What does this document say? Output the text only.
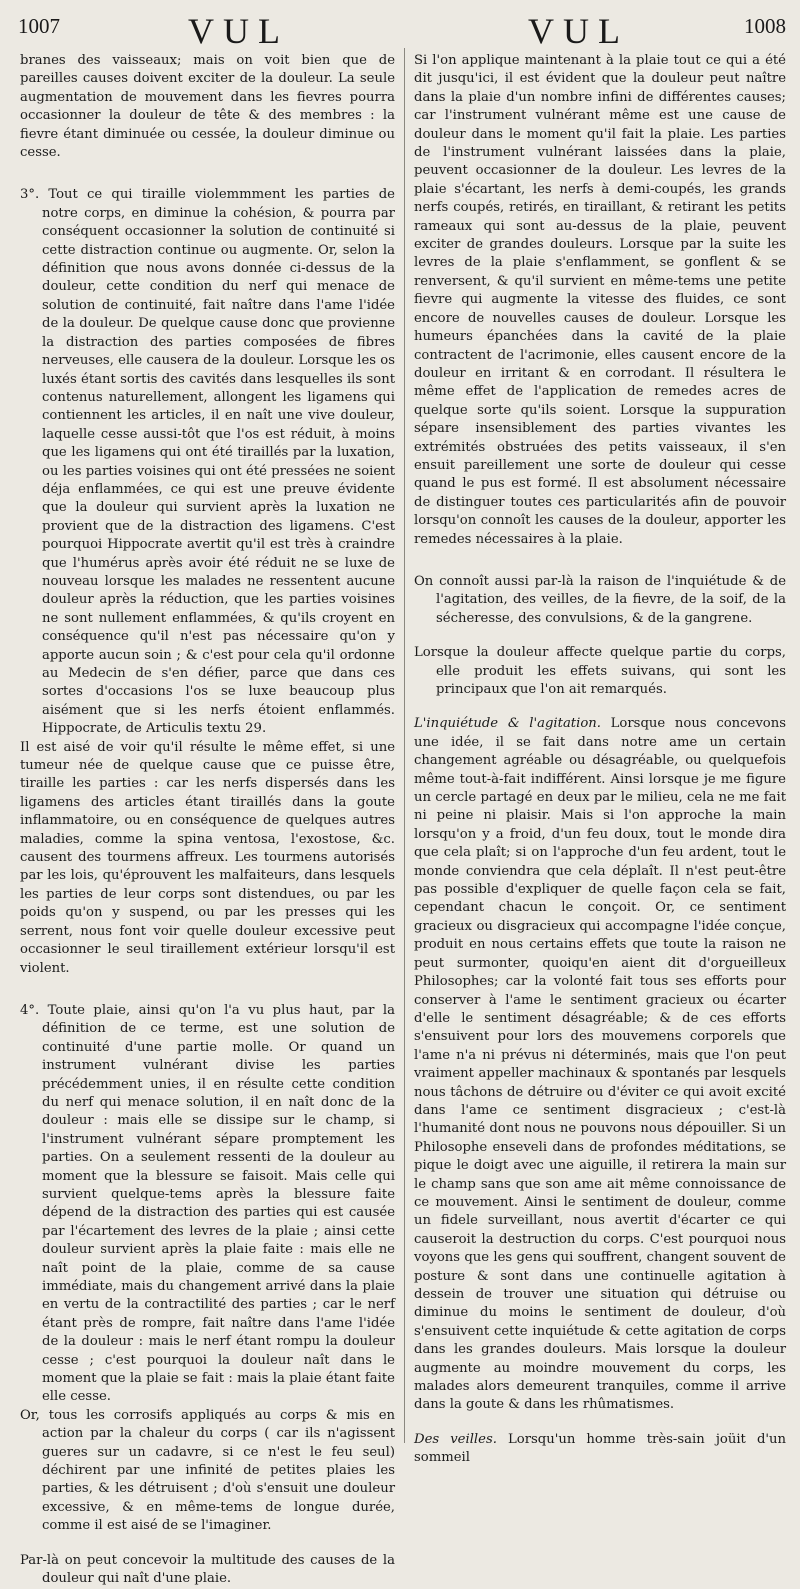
1007	VUL	VUL	1008

branes des vaisseaux; mais on voit bien que de pareilles causes doivent exciter de la douleur. La seule augmentation de mouvement dans les fievres pourra occasionner la douleur de tête & des membres : la fievre étant diminuée ou cessée, la douleur diminue ou cesse.

3°. Tout ce qui tiraille violemmment les parties de notre corps, en diminue la cohésion, & pourra par conséquent occasionner la solution de continuité si cette distraction continue ou augmente. Or, selon la définition que nous avons donnée ci-dessus de la douleur, cette condition du nerf qui menace de solution de continuité, fait naître dans l'ame l'idée de la douleur. De quelque cause donc que provienne la distraction des parties composées de fibres nerveuses, elle causera de la douleur. Lorsque les os luxés étant sortis des cavités dans lesquelles ils sont contenus naturellement, allongent les ligamens qui contiennent les articles, il en naît une vive douleur, laquelle cesse aussi-tôt que l'os est réduit, à moins que les ligamens qui ont été tiraillés par la luxation, ou les parties voisines qui ont été pressées ne soient déja enflammées, ce qui est une preuve évidente que la douleur qui survient après la luxation ne provient que de la distraction des ligamens. C'est pourquoi Hippocrate avertit qu'il est très à craindre que l'humérus après avoir été réduit ne se luxe de nouveau lorsque les malades ne ressentent aucune douleur après la réduction, que les parties voisines ne sont nullement enflammées, & qu'ils croyent en conséquence qu'il n'est pas nécessaire qu'on y apporte aucun soin ; & c'est pour cela qu'il ordonne au Medecin de s'en défier, parce que dans ces sortes d'occasions l'os se luxe beaucoup plus aisément que si les nerfs étoient enflammés. Hippocrate, de Articulis textu 29.

Il est aisé de voir qu'il résulte le même effet, si une tumeur née de quelque cause que ce puisse être, tiraille les parties : car les nerfs dispersés dans les ligamens des articles étant tiraillés dans la goute inflammatoire, ou en conséquence de quelques autres maladies, comme la spina ventosa, l'exostose, &c. causent des tourmens affreux. Les tourmens autorisés par les lois, qu'éprouvent les malfaiteurs, dans lesquels les parties de leur corps sont distendues, ou par les poids qu'on y suspend, ou par les presses qui les serrent, nous font voir quelle douleur excessive peut occasionner le seul tiraillement extérieur lorsqu'il est violent.

4°. Toute plaie, ainsi qu'on l'a vu plus haut, par la définition de ce terme, est une solution de continuité d'une partie molle. Or quand un instrument vulnérant divise les parties précédemment unies, il en résulte cette condition du nerf qui menace solution, il en naît donc de la douleur : mais elle se dissipe sur le champ, si l'instrument vulnérant sépare promptement les parties. On a seulement ressenti de la douleur au moment que la blessure se faisoit. Mais celle qui survient quelque-tems après la blessure faite dépend de la distraction des parties qui est causée par l'écartement des levres de la plaie ; ainsi cette douleur survient après la plaie faite : mais elle ne naît point de la plaie, comme de sa cause immédiate, mais du changement arrivé dans la plaie en vertu de la contractilité des parties ; car le nerf étant près de rompre, fait naître dans l'ame l'idée de la douleur : mais le nerf étant rompu la douleur cesse ; c'est pourquoi la douleur naît dans le moment que la plaie se fait : mais la plaie étant faite elle cesse.

Or, tous les corrosifs appliqués au corps & mis en action par la chaleur du corps ( car ils n'agissent gueres sur un cadavre, si ce n'est le feu seul) déchirent par une infinité de petites plaies les parties, & les détruisent ; d'où s'ensuit une douleur excessive, & en même-tems de longue durée, comme il est aisé de se l'imaginer.

Par-là on peut concevoir la multitude des causes de la douleur qui naît d'une plaie.

Si l'on applique maintenant à la plaie tout ce qui a été dit jusqu'ici, il est évident que la douleur peut naître dans la plaie d'un nombre infini de différentes causes; car l'instrument vulnérant même est une cause de douleur dans le moment qu'il fait la plaie. Les parties de l'instrument vulnérant laissées dans la plaie, peuvent occasionner de la douleur. Les levres de la plaie s'écartant, les nerfs à demi-coupés, les grands nerfs coupés, retirés, en tiraillant, & retirant les petits rameaux qui sont au-dessus de la plaie, peuvent exciter de grandes douleurs. Lorsque par la suite les levres de la plaie s'enflamment, se gonflent & se renversent, & qu'il survient en même-tems une petite fievre qui augmente la vitesse des fluides, ce sont encore de nouvelles causes de douleur. Lorsque les humeurs épanchées dans la cavité de la plaie contractent de l'acrimonie, elles causent encore de la douleur en irritant & en corrodant. Il résultera le même effet de l'application de remedes acres de quelque sorte qu'ils soient. Lorsque la suppuration sépare insensiblement des parties vivantes les extrémités obstruées des petits vaisseaux, il s'en ensuit pareillement une sorte de douleur qui cesse quand le pus est formé. Il est absolument nécessaire de distinguer toutes ces particularités afin de pouvoir lorsqu'on connoît les causes de la douleur, apporter les remedes nécessaires à la plaie.

On connoît aussi par-là la raison de l'inquiétude & de l'agitation, des veilles, de la fievre, de la soif, de la sécheresse, des convulsions, & de la gangrene.

Lorsque la douleur affecte quelque partie du corps, elle produit les effets suivans, qui sont les principaux que l'on ait remarqués.

L'inquiétude & l'agitation. Lorsque nous concevons une idée, il se fait dans notre ame un certain changement agréable ou désagréable, ou quelquefois même tout-à-fait indifférent. Ainsi lorsque je me figure un cercle partagé en deux par le milieu, cela ne me fait ni peine ni plaisir. Mais si l'on approche la main lorsqu'on y a froid, d'un feu doux, tout le monde dira que cela plaît; si on l'approche d'un feu ardent, tout le monde conviendra que cela déplaît. Il n'est peut-être pas possible d'expliquer de quelle façon cela se fait, cependant chacun le conçoit. Or, ce sentiment gracieux ou disgracieux qui accompagne l'idée conçue, produit en nous certains effets que toute la raison ne peut surmonter, quoiqu'en aient dit d'orgueilleux Philosophes; car la volonté fait tous ses efforts pour conserver à l'ame le sentiment gracieux ou écarter d'elle le sentiment désagréable; & de ces efforts s'ensuivent pour lors des mouvemens corporels que l'ame n'a ni prévus ni déterminés, mais que l'on peut vraiment appeller machinaux & spontanés par lesquels nous tâchons de détruire ou d'éviter ce qui avoit excité dans l'ame ce sentiment disgracieux ; c'est-là l'humanité dont nous ne pouvons nous dépouiller. Si un Philosophe enseveli dans de profondes méditations, se pique le doigt avec une aiguille, il retirera la main sur le champ sans que son ame ait même connoissance de ce mouvement. Ainsi le sentiment de douleur, comme un fidele surveillant, nous avertit d'écarter ce qui causeroit la destruction du corps. C'est pourquoi nous voyons que les gens qui souffrent, changent souvent de posture & sont dans une continuelle agitation à dessein de trouver une situation qui détruise ou diminue du moins le sentiment de douleur, d'où s'ensuivent cette inquiétude & cette agitation de corps dans les grandes douleurs. Mais lorsque la douleur augmente au moindre mouvement du corps, les malades alors demeurent tranquiles, comme il arrive dans la goute & dans les rhûmatismes.

Des veilles. Lorsqu'un homme très-sain joüit d'un sommeil
